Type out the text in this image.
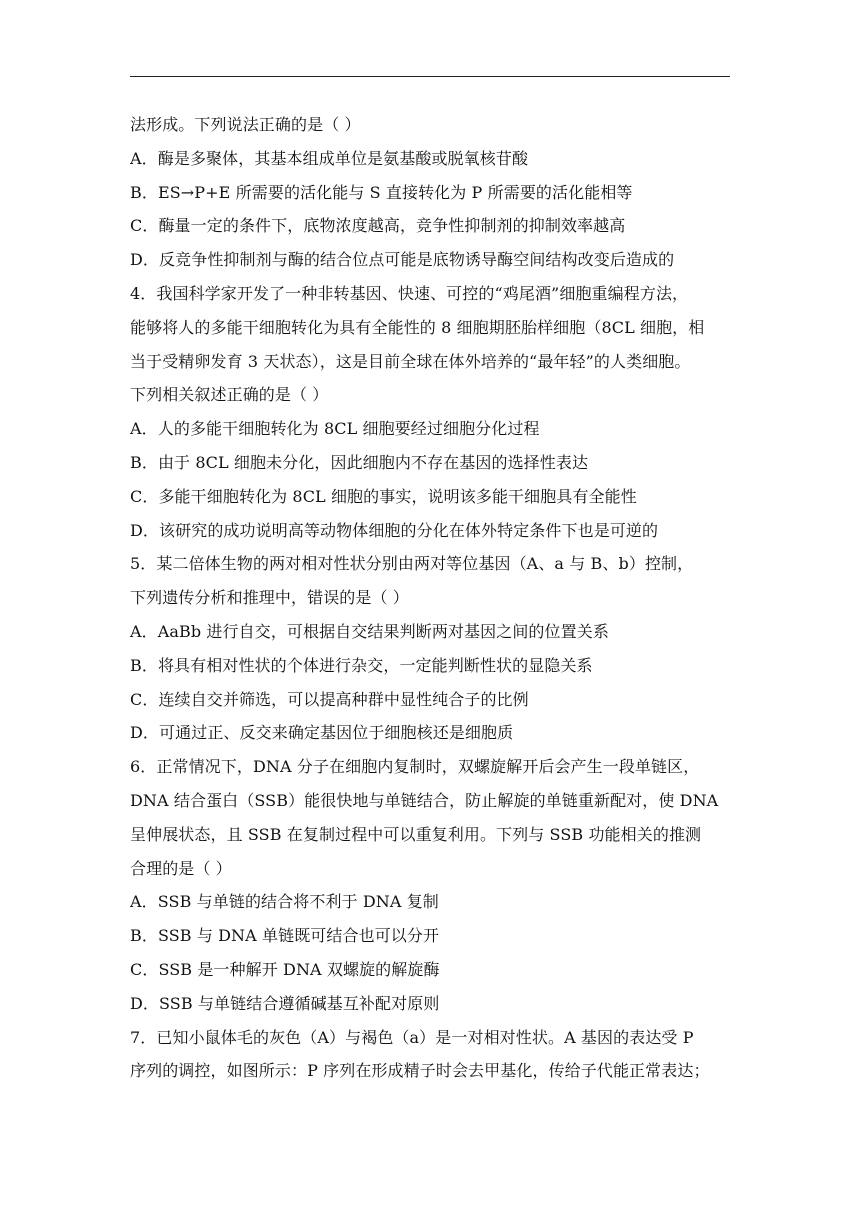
法形成。下列说法正确的是（ ）
A．酶是多聚体，其基本组成单位是氨基酸或脱氧核苷酸
B．ES→P+E 所需要的活化能与 S 直接转化为 P 所需要的活化能相等
C．酶量一定的条件下，底物浓度越高，竞争性抑制剂的抑制效率越高
D．反竞争性抑制剂与酶的结合位点可能是底物诱导酶空间结构改变后造成的
4．我国科学家开发了一种非转基因、快速、可控的“鸡尾酒”细胞重编程方法，
能够将人的多能干细胞转化为具有全能性的 8 细胞期胚胎样细胞（8CL 细胞，相
当于受精卵发育 3 天状态），这是目前全球在体外培养的“最年轻”的人类细胞。
下列相关叙述正确的是（ ）
A．人的多能干细胞转化为 8CL 细胞要经过细胞分化过程
B．由于 8CL 细胞未分化，因此细胞内不存在基因的选择性表达
C．多能干细胞转化为 8CL 细胞的事实，说明该多能干细胞具有全能性
D．该研究的成功说明高等动物体细胞的分化在体外特定条件下也是可逆的
5．某二倍体生物的两对相对性状分别由两对等位基因（A、a 与 B、b）控制，
下列遗传分析和推理中，错误的是（ ）
A．AaBb 进行自交，可根据自交结果判断两对基因之间的位置关系
B．将具有相对性状的个体进行杂交，一定能判断性状的显隐关系
C．连续自交并筛选，可以提高种群中显性纯合子的比例
D．可通过正、反交来确定基因位于细胞核还是细胞质
6．正常情况下，DNA 分子在细胞内复制时，双螺旋解开后会产生一段单链区，
DNA 结合蛋白（SSB）能很快地与单链结合，防止解旋的单链重新配对，使 DNA
呈伸展状态，且 SSB 在复制过程中可以重复利用。下列与 SSB 功能相关的推测
合理的是（ ）
A．SSB 与单链的结合将不利于 DNA 复制
B．SSB 与 DNA 单链既可结合也可以分开
C．SSB 是一种解开 DNA 双螺旋的解旋酶
D．SSB 与单链结合遵循碱基互补配对原则
7．已知小鼠体毛的灰色（A）与褐色（a）是一对相对性状。A 基因的表达受 P
序列的调控，如图所示：P 序列在形成精子时会去甲基化，传给子代能正常表达；
